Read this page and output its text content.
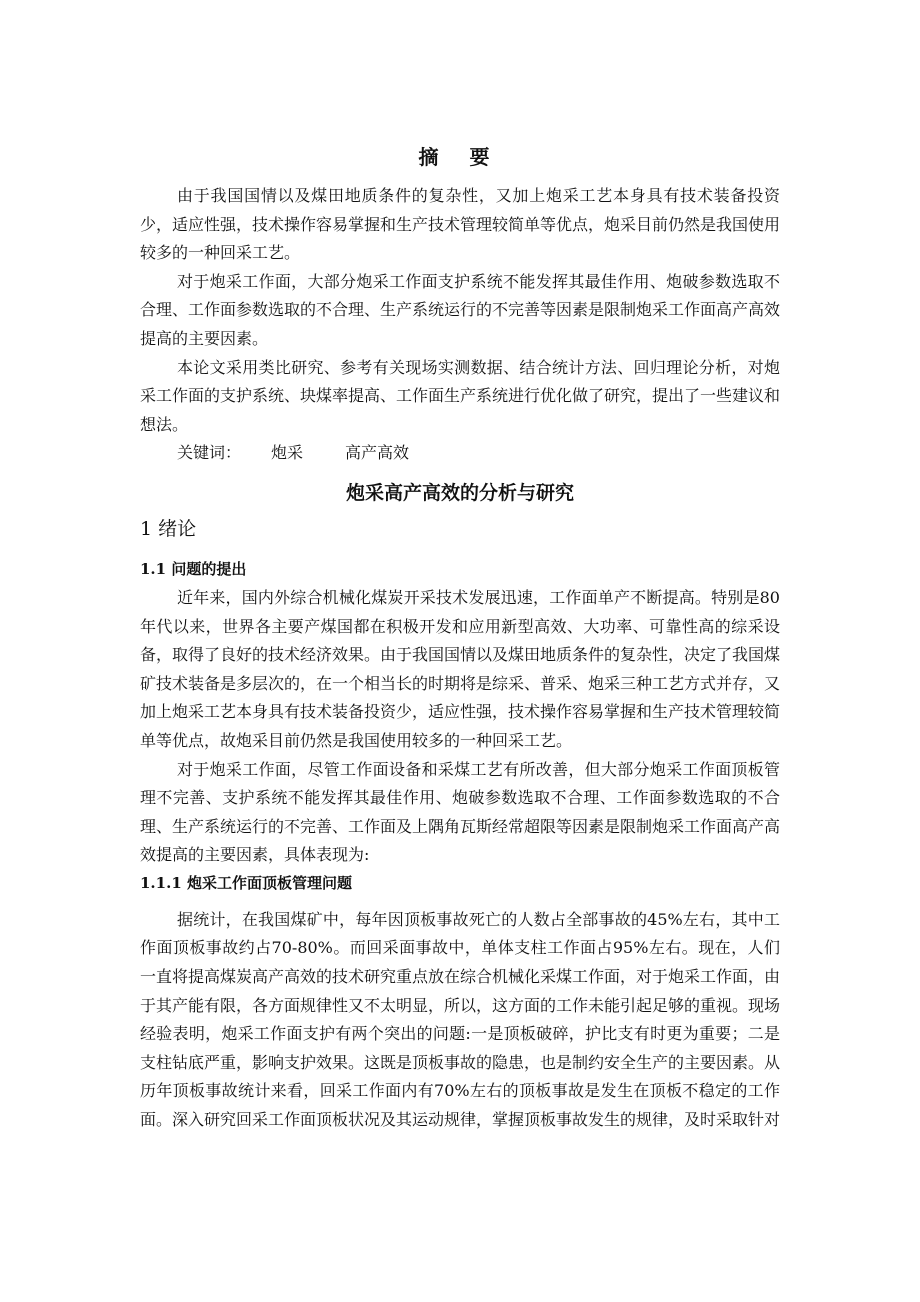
摘 要

由于我国国情以及煤田地质条件的复杂性，又加上炮采工艺本身具有技术装备投资少，适应性强，技术操作容易掌握和生产技术管理较简单等优点，炮采目前仍然是我国使用较多的一种回采工艺。

对于炮采工作面，大部分炮采工作面支护系统不能发挥其最佳作用、炮破参数选取不合理、工作面参数选取的不合理、生产系统运行的不完善等因素是限制炮采工作面高产高效提高的主要因素。

本论文采用类比研究、参考有关现场实测数据、结合统计方法、回归理论分析，对炮采工作面的支护系统、块煤率提高、工作面生产系统进行优化做了研究，提出了一些建议和想法。

关键词： 炮采	高产高效
炮采高产高效的分析与研究
1 绪论
1.1 问题的提出

近年来，国内外综合机械化煤炭开采技术发展迅速，工作面单产不断提高。特别是80年代以来，世界各主要产煤国都在积极开发和应用新型高效、大功率、可靠性高的综采设备，取得了良好的技术经济效果。由于我国国情以及煤田地质条件的复杂性，决定了我国煤矿技术装备是多层次的，在一个相当长的时期将是综采、普采、炮采三种工艺方式并存，又加上炮采工艺本身具有技术装备投资少，适应性强，技术操作容易掌握和生产技术管理较简单等优点，故炮采目前仍然是我国使用较多的一种回采工艺。

对于炮采工作面，尽管工作面设备和采煤工艺有所改善，但大部分炮采工作面顶板管理不完善、支护系统不能发挥其最佳作用、炮破参数选取不合理、工作面参数选取的不合理、生产系统运行的不完善、工作面及上隅角瓦斯经常超限等因素是限制炮采工作面高产高效提高的主要因素，具体表现为:

1.1.1 炮采工作面顶板管理问题

据统计，在我国煤矿中，每年因顶板事故死亡的人数占全部事故的45%左右，其中工作面顶板事故约占70-80%。而回采面事故中，单体支柱工作面占95%左右。现在，人们一直将提高煤炭高产高效的技术研究重点放在综合机械化采煤工作面，对于炮采工作面，由于其产能有限，各方面规律性又不太明显，所以，这方面的工作未能引起足够的重视。现场经验表明，炮采工作面支护有两个突出的问题:一是顶板破碎，护比支有时更为重要；二是支柱钻底严重，影响支护效果。这既是顶板事故的隐患，也是制约安全生产的主要因素。从历年顶板事故统计来看，回采工作面内有70%左右的顶板事故是发生在顶板不稳定的工作面。深入研究回采工作面顶板状况及其运动规律，掌握顶板事故发生的规律，及时采取针对
